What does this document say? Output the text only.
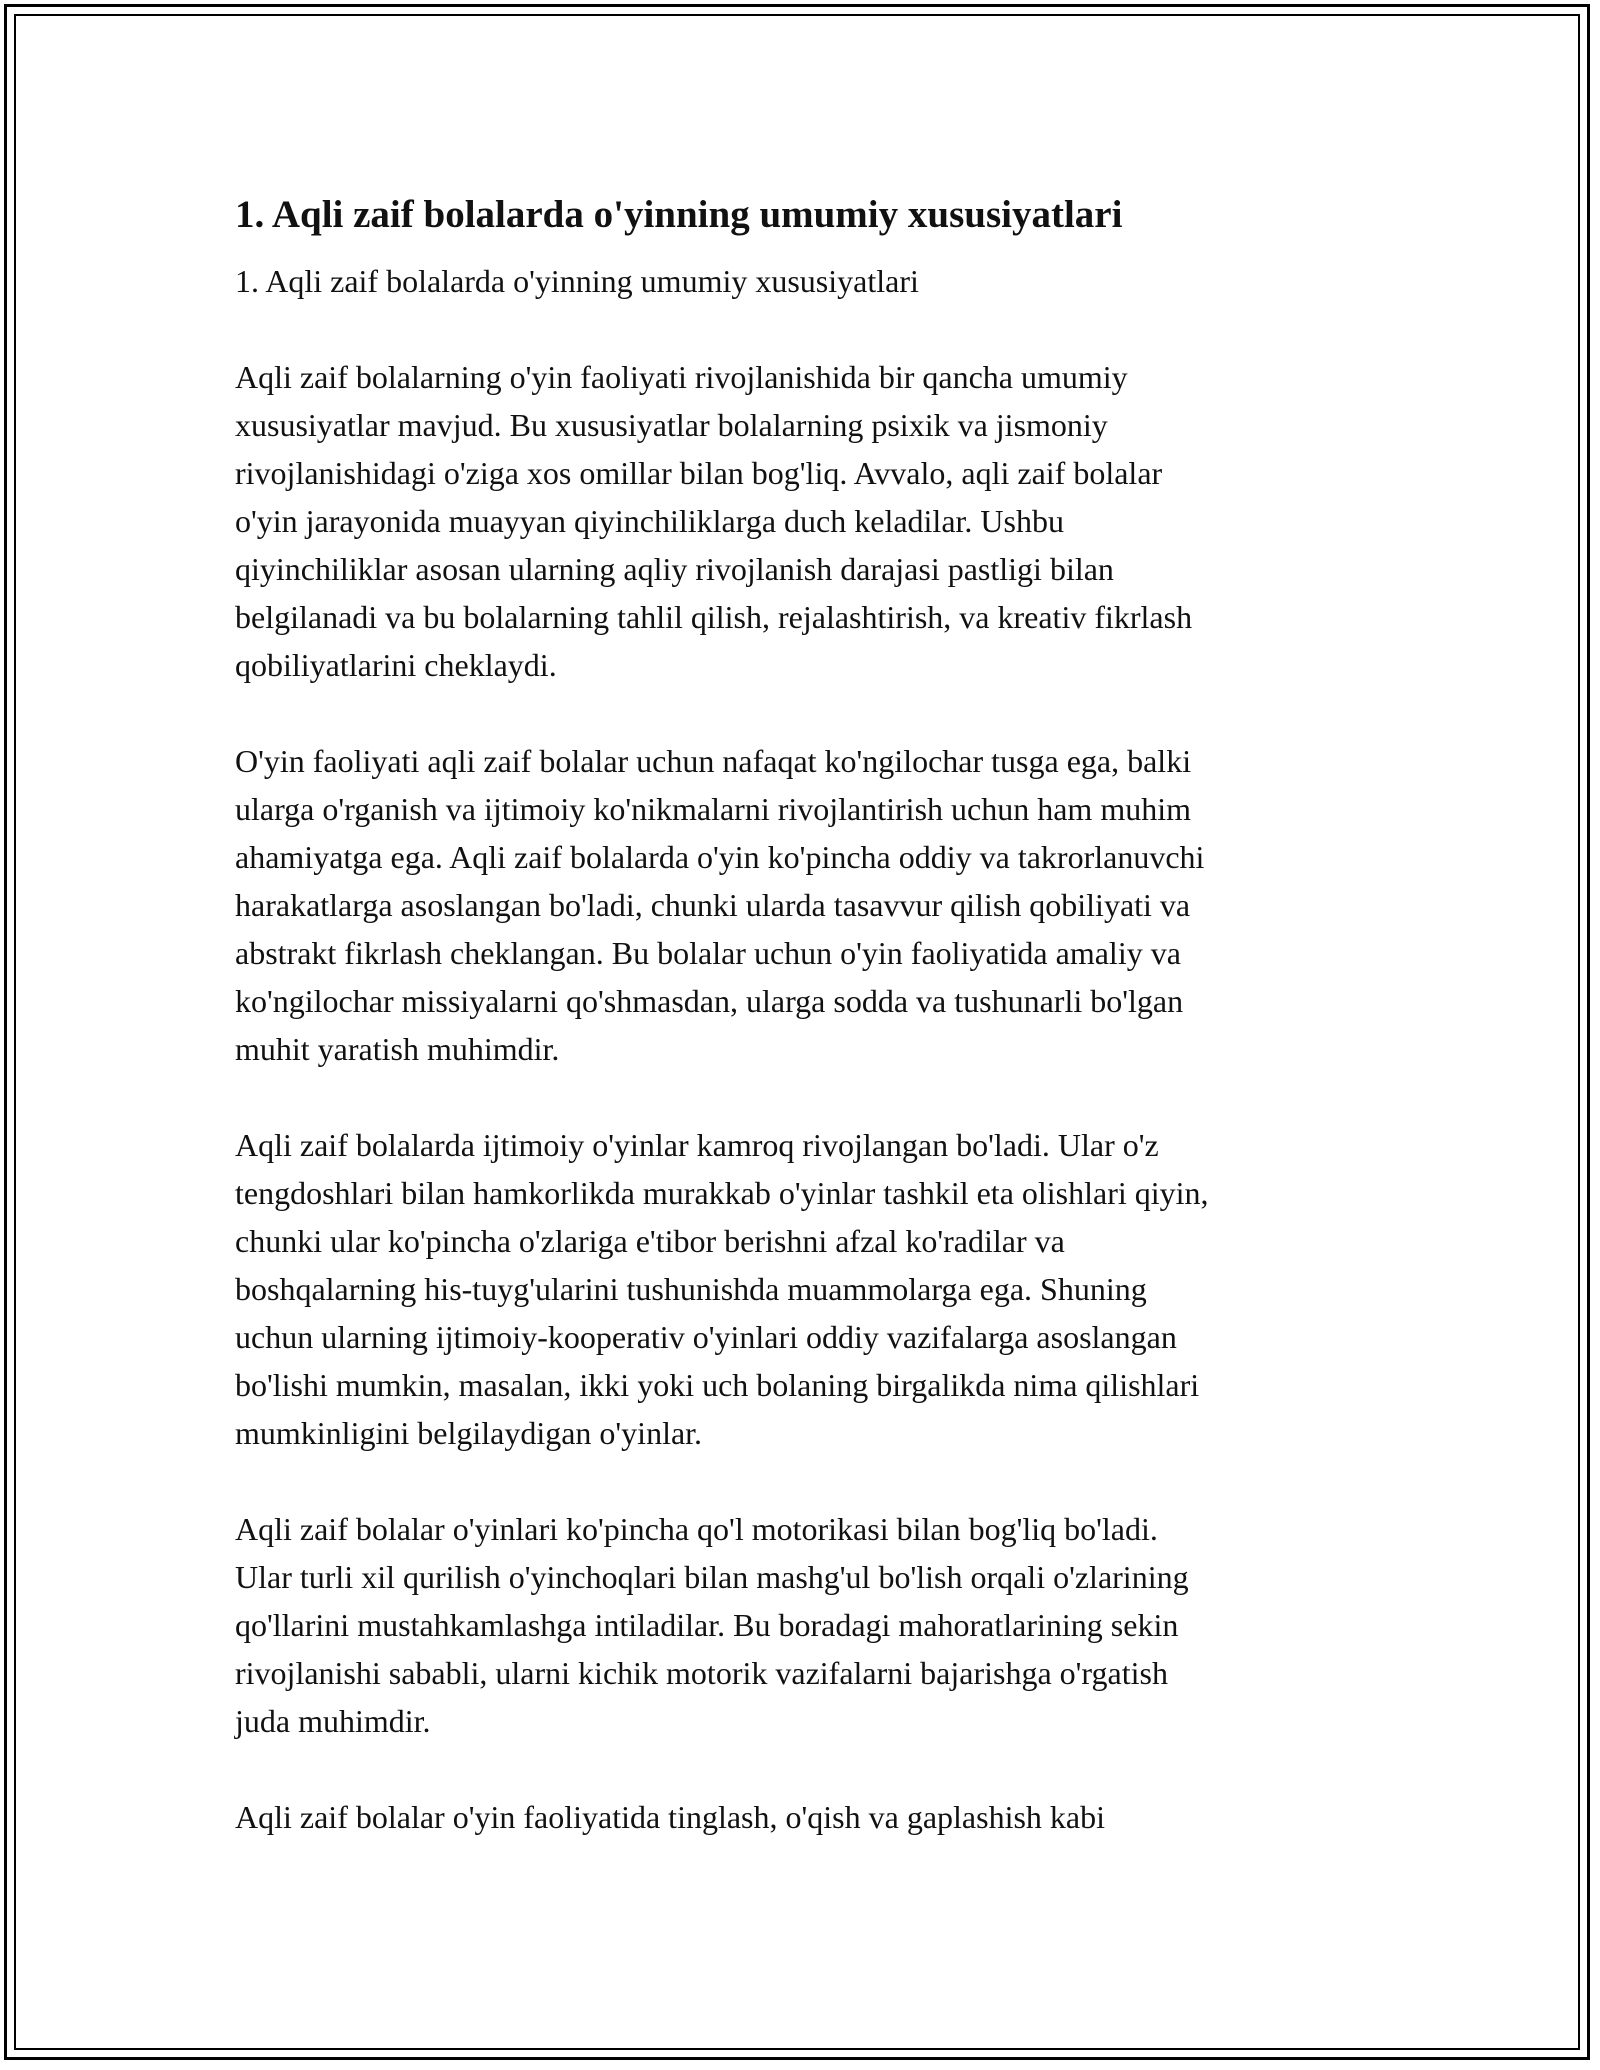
1. Aqli zaif bolalarda o'yinning umumiy xususiyatlari

1. Aqli zaif bolalarda o'yinning umumiy xususiyatlari

Aqli zaif bolalarning o'yin faoliyati rivojlanishida bir qancha umumiy
xususiyatlar mavjud. Bu xususiyatlar bolalarning psixik va jismoniy
rivojlanishidagi o'ziga xos omillar bilan bog'liq. Avvalo, aqli zaif bolalar
o'yin jarayonida muayyan qiyinchiliklarga duch keladilar. Ushbu
qiyinchiliklar asosan ularning aqliy rivojlanish darajasi pastligi bilan
belgilanadi va bu bolalarning tahlil qilish, rejalashtirish, va kreativ fikrlash
qobiliyatlarini cheklaydi.

O'yin faoliyati aqli zaif bolalar uchun nafaqat ko'ngilochar tusga ega, balki
ularga o'rganish va ijtimoiy ko'nikmalarni rivojlantirish uchun ham muhim
ahamiyatga ega. Aqli zaif bolalarda o'yin ko'pincha oddiy va takrorlanuvchi
harakatlarga asoslangan bo'ladi, chunki ularda tasavvur qilish qobiliyati va
abstrakt fikrlash cheklangan. Bu bolalar uchun o'yin faoliyatida amaliy va
ko'ngilochar missiyalarni qo'shmasdan, ularga sodda va tushunarli bo'lgan
muhit yaratish muhimdir.

Aqli zaif bolalarda ijtimoiy o'yinlar kamroq rivojlangan bo'ladi. Ular o'z
tengdoshlari bilan hamkorlikda murakkab o'yinlar tashkil eta olishlari qiyin,
chunki ular ko'pincha o'zlariga e'tibor berishni afzal ko'radilar va
boshqalarning his-tuyg'ularini tushunishda muammolarga ega. Shuning
uchun ularning ijtimoiy-kooperativ o'yinlari oddiy vazifalarga asoslangan
bo'lishi mumkin, masalan, ikki yoki uch bolaning birgalikda nima qilishlari
mumkinligini belgilaydigan o'yinlar.

Aqli zaif bolalar o'yinlari ko'pincha qo'l motorikasi bilan bog'liq bo'ladi.
Ular turli xil qurilish o'yinchoqlari bilan mashg'ul bo'lish orqali o'zlarining
qo'llarini mustahkamlashga intiladilar. Bu boradagi mahoratlarining sekin
rivojlanishi sababli, ularni kichik motorik vazifalarni bajarishga o'rgatish
juda muhimdir.

Aqli zaif bolalar o'yin faoliyatida tinglash, o'qish va gaplashish kabi
